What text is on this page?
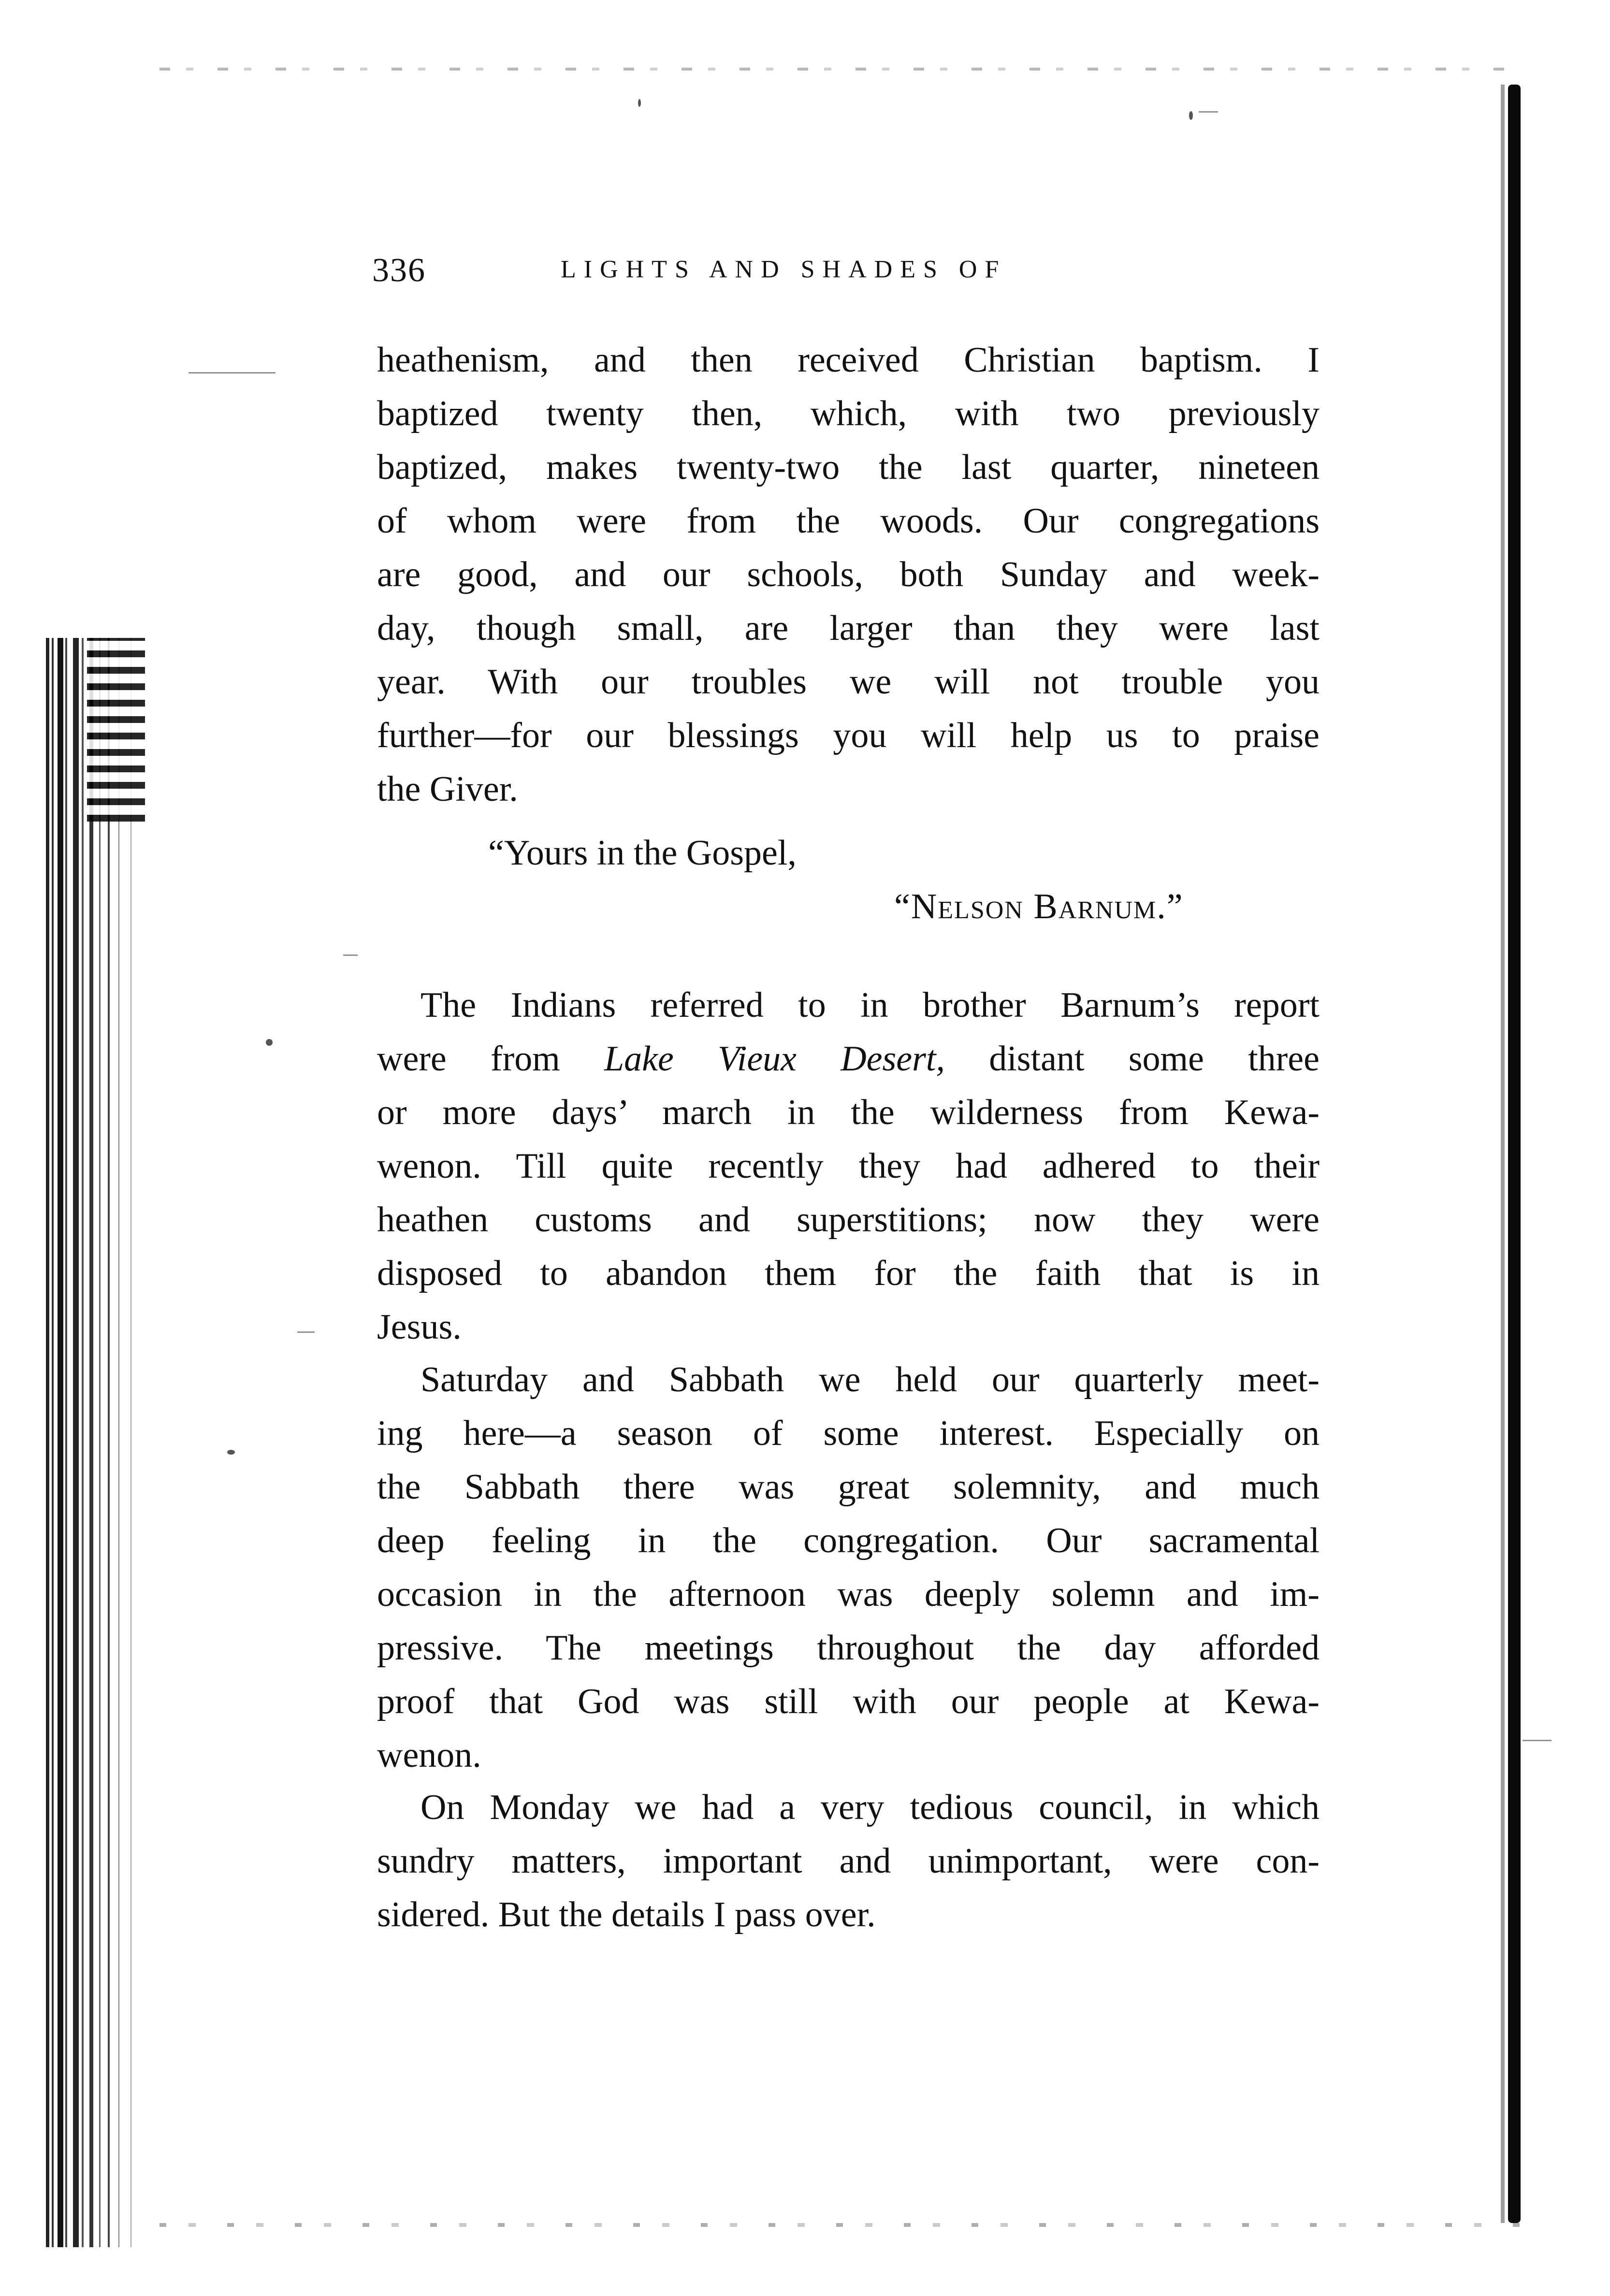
336	LIGHTS AND SHADES OF
heathenism, and then received Christian baptism. I
baptized twenty then, which, with two previously
baptized, makes twenty-two the last quarter, nineteen
of whom were from the woods. Our congregations
are good, and our schools, both Sunday and week-
day, though small, are larger than they were last
year. With our troubles we will not trouble you
further—for our blessings you will help us to praise
the Giver.
“Yours in the Gospel,
“Nelson Barnum.”
The Indians referred to in brother Barnum’s report
were from Lake Vieux Desert, distant some three
or more days’ march in the wilderness from Kewa-
wenon. Till quite recently they had adhered to their
heathen customs and superstitions; now they were
disposed to abandon them for the faith that is in
Jesus.
Saturday and Sabbath we held our quarterly meet-
ing here—a season of some interest. Especially on
the Sabbath there was great solemnity, and much
deep feeling in the congregation. Our sacramental
occasion in the afternoon was deeply solemn and im-
pressive. The meetings throughout the day afforded
proof that God was still with our people at Kewa-
wenon.
On Monday we had a very tedious council, in which
sundry matters, important and unimportant, were con-
sidered. But the details I pass over.
